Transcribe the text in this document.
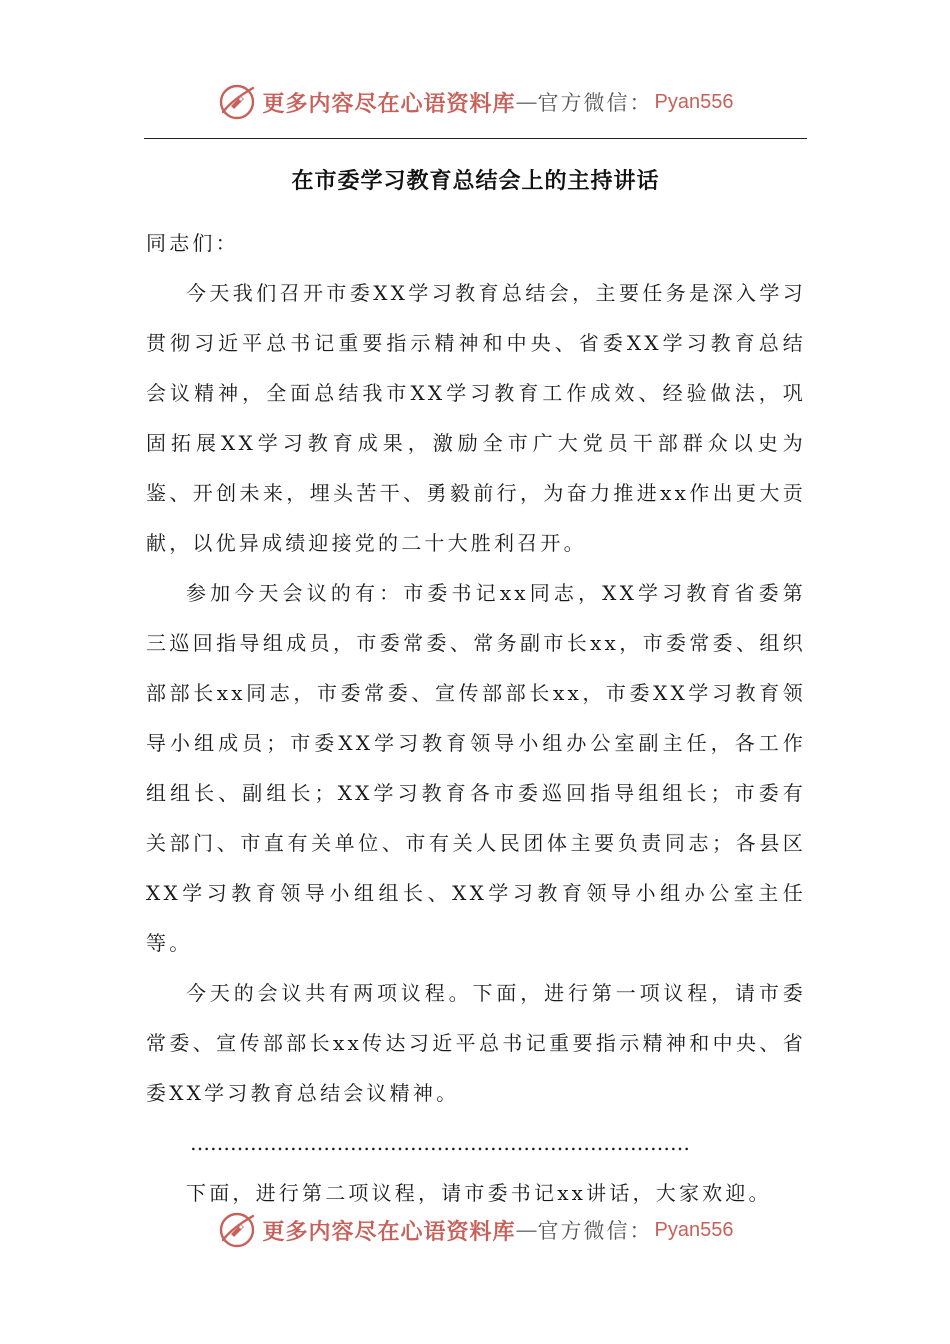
更多内容尽在心语资料库 — 官方微信： Pyan556
在市委学习教育总结会上的主持讲话

同志们：

今天我们召开市委XX学习教育总结会，主要任务是深入学习贯彻习近平总书记重要指示精神和中央、省委XX学习教育总结会议精神，全面总结我市XX学习教育工作成效、经验做法，巩固拓展XX学习教育成果，激励全市广大党员干部群众以史为鉴、开创未来，埋头苦干、勇毅前行，为奋力推进xx作出更大贡献，以优异成绩迎接党的二十大胜利召开。

参加今天会议的有：市委书记xx同志，XX学习教育省委第三巡回指导组成员，市委常委、常务副市长xx，市委常委、组织部部长xx同志，市委常委、宣传部部长xx，市委XX学习教育领导小组成员；市委XX学习教育领导小组办公室副主任，各工作组组长、副组长；XX学习教育各市委巡回指导组组长；市委有关部门、市直有关单位、市有关人民团体主要负责同志；各县区XX学习教育领导小组组长、XX学习教育领导小组办公室主任等。

今天的会议共有两项议程。下面，进行第一项议程，请市委常委、宣传部部长xx传达习近平总书记重要指示精神和中央、省委XX学习教育总结会议精神。

…………………………………………………………………

下面，进行第二项议程，请市委书记xx讲话，大家欢迎。

更多内容尽在心语资料库 — 官方微信： Pyan556
